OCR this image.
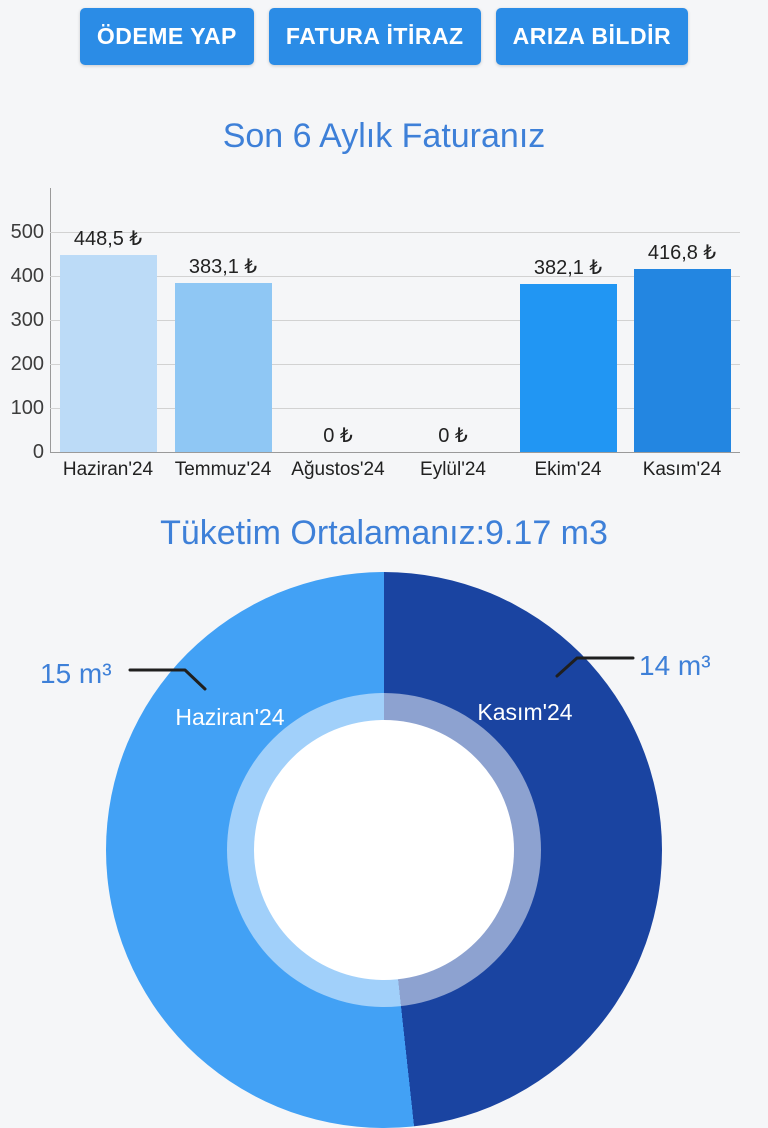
ÖDEME YAP	FATURA İTİRAZ	ARIZA BİLDİR
Son 6 Aylık Faturanız
0
100
200
300
400
500	448,5 ₺
Haziran'24
383,1 ₺
Temmuz'24
0 ₺
Ağustos'24
0 ₺
Eylül'24
382,1 ₺
Ekim'24
416,8 ₺
Kasım'24
Tüketim Ortalamanız:9.17 m3
Haziran'24	Kasım'24
15 m³	14 m³
